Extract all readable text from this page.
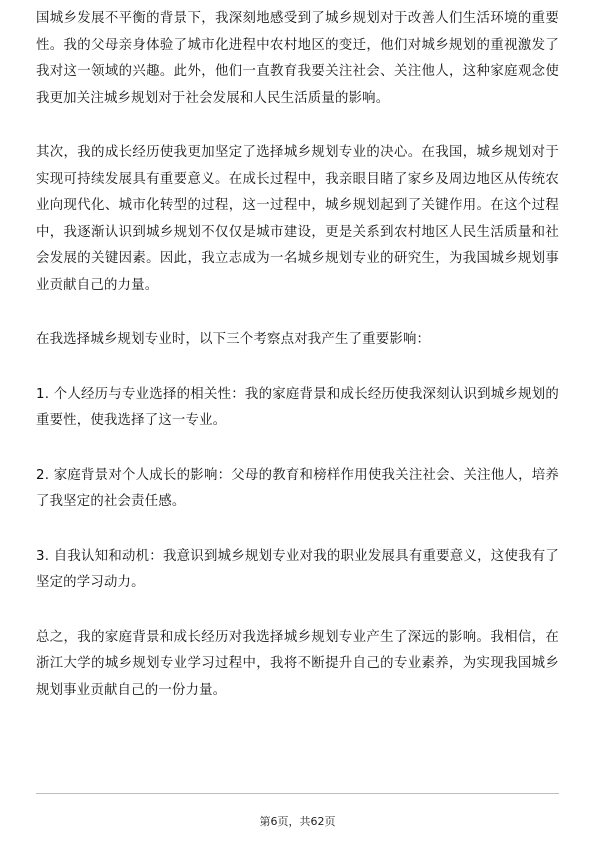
国城乡发展不平衡的背景下，我深刻地感受到了城乡规划对于改善人们生活环境的重要性。我的父母亲身体验了城市化进程中农村地区的变迁，他们对城乡规划的重视激发了我对这一领域的兴趣。此外，他们一直教育我要关注社会、关注他人，这种家庭观念使我更加关注城乡规划对于社会发展和人民生活质量的影响。

其次，我的成长经历使我更加坚定了选择城乡规划专业的决心。在我国，城乡规划对于实现可持续发展具有重要意义。在成长过程中，我亲眼目睹了家乡及周边地区从传统农业向现代化、城市化转型的过程，这一过程中，城乡规划起到了关键作用。在这个过程中，我逐渐认识到城乡规划不仅仅是城市建设，更是关系到农村地区人民生活质量和社会发展的关键因素。因此，我立志成为一名城乡规划专业的研究生，为我国城乡规划事业贡献自己的力量。

在我选择城乡规划专业时，以下三个考察点对我产生了重要影响：

1. 个人经历与专业选择的相关性：我的家庭背景和成长经历使我深刻认识到城乡规划的重要性，使我选择了这一专业。

2. 家庭背景对个人成长的影响：父母的教育和榜样作用使我关注社会、关注他人，培养了我坚定的社会责任感。

3. 自我认知和动机：我意识到城乡规划专业对我的职业发展具有重要意义，这使我有了坚定的学习动力。

总之，我的家庭背景和成长经历对我选择城乡规划专业产生了深远的影响。我相信，在浙江大学的城乡规划专业学习过程中，我将不断提升自己的专业素养，为实现我国城乡规划事业贡献自己的一份力量。

第6页，共62页
